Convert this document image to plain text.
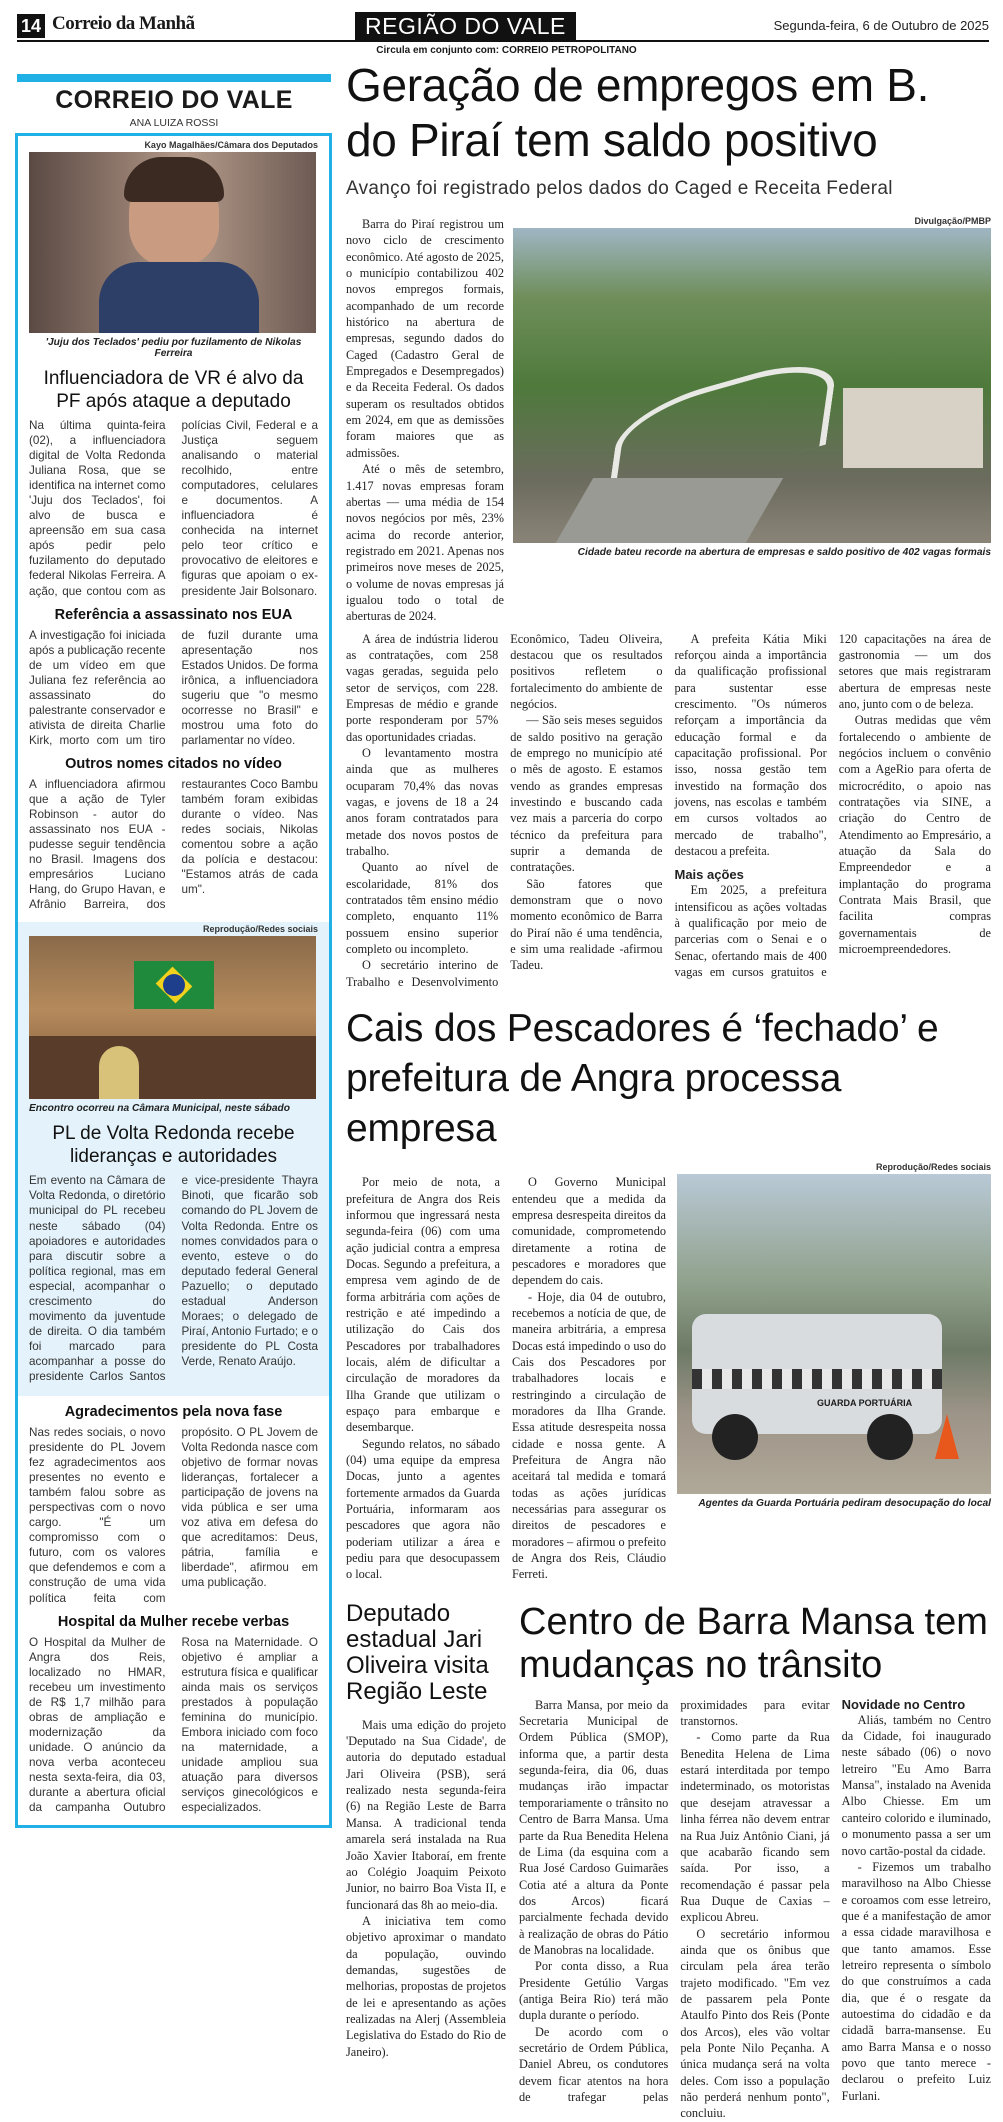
14 Correio da Manhã	REGIÃO DO VALE	Segunda-feira, 6 de Outubro de 2025
Circula em conjunto com: CORREIO PETROPOLITANO
CORREIO DO VALE
ANA LUIZA ROSSI
Kayo Magalhães/Câmara dos Deputados
'Juju dos Teclados' pediu por fuzilamento de Nikolas Ferreira
Influenciadora de VR é alvo da PF após ataque a deputado
Na última quinta-feira (02), a influenciadora digital de Volta Redonda Juliana Rosa, que se identifica na internet como 'Juju dos Teclados', foi alvo de busca e apreensão em sua casa após pedir pelo fuzilamento do deputado federal Nikolas Ferreira. A ação, que contou com as polícias Civil, Federal e a Justiça seguem analisando o material recolhido, entre computadores, celulares e documentos. A influenciadora é conhecida na internet pelo teor crítico e provocativo de eleitores e figuras que apoiam o ex-presidente Jair Bolsonaro.
Referência a assassinato nos EUA
A investigação foi iniciada após a publicação recente de um vídeo em que Juliana fez referência ao assassinato do palestrante conservador e ativista de direita Charlie Kirk, morto com um tiro de fuzil durante uma apresentação nos Estados Unidos. De forma irônica, a influenciadora sugeriu que "o mesmo ocorresse no Brasil" e mostrou uma foto do parlamentar no vídeo.
Outros nomes citados no vídeo
A influenciadora afirmou que a ação de Tyler Robinson - autor do assassinato nos EUA - pudesse seguir tendência no Brasil. Imagens dos empresários Luciano Hang, do Grupo Havan, e Afrânio Barreira, dos restaurantes Coco Bambu também foram exibidas durante o vídeo. Nas redes sociais, Nikolas comentou sobre a ação da polícia e destacou: "Estamos atrás de cada um".
Reprodução/Redes sociais
Encontro ocorreu na Câmara Municipal, neste sábado
PL de Volta Redonda recebe lideranças e autoridades
Em evento na Câmara de Volta Redonda, o diretório municipal do PL recebeu neste sábado (04) apoiadores e autoridades para discutir sobre a política regional, mas em especial, acompanhar o crescimento do movimento da juventude de direita. O dia também foi marcado para acompanhar a posse do presidente Carlos Santos e vice-presidente Thayra Binoti, que ficarão sob comando do PL Jovem de Volta Redonda. Entre os nomes convidados para o evento, esteve o do deputado federal General Pazuello; o deputado estadual Anderson Moraes; o delegado de Piraí, Antonio Furtado; e o presidente do PL Costa Verde, Renato Araújo.
Agradecimentos pela nova fase
Nas redes sociais, o novo presidente do PL Jovem fez agradecimentos aos presentes no evento e também falou sobre as perspectivas com o novo cargo. "É um compromisso com o futuro, com os valores que defendemos e com a construção de uma vida política feita com propósito. O PL Jovem de Volta Redonda nasce com objetivo de formar novas lideranças, fortalecer a participação de jovens na vida pública e ser uma voz ativa em defesa do que acreditamos: Deus, pátria, família e liberdade", afirmou em uma publicação.
Hospital da Mulher recebe verbas
O Hospital da Mulher de Angra dos Reis, localizado no HMAR, recebeu um investimento de R$ 1,7 milhão para obras de ampliação e modernização da unidade. O anúncio da nova verba aconteceu nesta sexta-feira, dia 03, durante a abertura oficial da campanha Outubro Rosa na Maternidade. O objetivo é ampliar a estrutura física e qualificar ainda mais os serviços prestados à população feminina do município. Embora iniciado com foco na maternidade, a unidade ampliou sua atuação para diversos serviços ginecológicos e especializados.
Geração de empregos em B. do Piraí tem saldo positivo
Avanço foi registrado pelos dados do Caged e Receita Federal

Barra do Piraí registrou um novo ciclo de crescimento econômico. Até agosto de 2025, o município contabilizou 402 novos empregos formais, acompanhado de um recorde histórico na abertura de empresas, segundo dados do Caged (Cadastro Geral de Empregados e Desempregados) e da Receita Federal. Os dados superam os resultados obtidos em 2024, em que as demissões foram maiores que as admissões.

Até o mês de setembro, 1.417 novas empresas foram abertas — uma média de 154 novos negócios por mês, 23% acima do recorde anterior, registrado em 2021. Apenas nos primeiros nove meses de 2025, o volume de novas empresas já igualou todo o total de aberturas de 2024.

Divulgação/PMBP
Cidade bateu recorde na abertura de empresas e saldo positivo de 402 vagas formais

A área de indústria liderou as contratações, com 258 vagas geradas, seguida pelo setor de serviços, com 228. Empresas de médio e grande porte responderam por 57% das oportunidades criadas.

O levantamento mostra ainda que as mulheres ocuparam 70,4% das novas vagas, e jovens de 18 a 24 anos foram contratados para metade dos novos postos de trabalho.

Quanto ao nível de escolaridade, 81% dos contratados têm ensino médio completo, enquanto 11% possuem ensino superior completo ou incompleto.

O secretário interino de Trabalho e Desenvolvimento Econômico, Tadeu Oliveira, destacou que os resultados positivos refletem o fortalecimento do ambiente de negócios.

— São seis meses seguidos de saldo positivo na geração de emprego no município até o mês de agosto. E estamos vendo as grandes empresas investindo e buscando cada vez mais a parceria do corpo técnico da prefeitura para suprir a demanda de contratações.

São fatores que demonstram que o novo momento econômico de Barra do Piraí não é uma tendência, e sim uma realidade -afirmou Tadeu.

A prefeita Kátia Miki reforçou ainda a importância da qualificação profissional para sustentar esse crescimento. "Os números reforçam a importância da educação formal e da capacitação profissional. Por isso, nossa gestão tem investido na formação dos jovens, nas escolas e também em cursos voltados ao mercado de trabalho", destacou a prefeita.

Mais ações

Em 2025, a prefeitura intensificou as ações voltadas à qualificação por meio de parcerias com o Senai e o Senac, ofertando mais de 400 vagas em cursos gratuitos e 120 capacitações na área de gastronomia — um dos setores que mais registraram abertura de empresas neste ano, junto com o de beleza.

Outras medidas que vêm fortalecendo o ambiente de negócios incluem o convênio com a AgeRio para oferta de microcrédito, o apoio nas contratações via SINE, a criação do Centro de Atendimento ao Empresário, a atuação da Sala do Empreendedor e a implantação do programa Contrata Mais Brasil, que facilita compras governamentais de microempreendedores.

Cais dos Pescadores é ‘fechado’ e prefeitura de Angra processa empresa

Por meio de nota, a prefeitura de Angra dos Reis informou que ingressará nesta segunda-feira (06) com uma ação judicial contra a empresa Docas. Segundo a prefeitura, a empresa vem agindo de de forma arbitrária com ações de restrição e até impedindo a utilização do Cais dos Pescadores por trabalhadores locais, além de dificultar a circulação de moradores da Ilha Grande que utilizam o espaço para embarque e desembarque.

Segundo relatos, no sábado (04) uma equipe da empresa Docas, junto a agentes fortemente armados da Guarda Portuária, informaram aos pescadores que agora não poderiam utilizar a área e pediu para que desocupassem o local.

O Governo Municipal entendeu que a medida da empresa desrespeita direitos da comunidade, comprometendo diretamente a rotina de pescadores e moradores que dependem do cais.

- Hoje, dia 04 de outubro, recebemos a notícia de que, de maneira arbitrária, a empresa Docas está impedindo o uso do Cais dos Pescadores por trabalhadores locais e restringindo a circulação de moradores da Ilha Grande. Essa atitude desrespeita nossa cidade e nossa gente. A Prefeitura de Angra não aceitará tal medida e tomará todas as ações jurídicas necessárias para assegurar os direitos de pescadores e moradores – afirmou o prefeito de Angra dos Reis, Cláudio Ferreti.

Reprodução/Redes sociais
GUARDA PORTUÁRIA
Agentes da Guarda Portuária pediram desocupação do local
Deputado estadual Jari Oliveira visita Região Leste

Mais uma edição do projeto 'Deputado na Sua Cidade', de autoria do deputado estadual Jari Oliveira (PSB), será realizado nesta segunda-feira (6) na Região Leste de Barra Mansa. A tradicional tenda amarela será instalada na Rua João Xavier Itaboraí, em frente ao Colégio Joaquim Peixoto Junior, no bairro Boa Vista II, e funcionará das 8h ao meio-dia.

A iniciativa tem como objetivo aproximar o mandato da população, ouvindo demandas, sugestões de melhorias, propostas de projetos de lei e apresentando as ações realizadas na Alerj (Assembleia Legislativa do Estado do Rio de Janeiro).

Centro de Barra Mansa tem mudanças no trânsito

Barra Mansa, por meio da Secretaria Municipal de Ordem Pública (SMOP), informa que, a partir desta segunda-feira, dia 06, duas mudanças irão impactar temporariamente o trânsito no Centro de Barra Mansa. Uma parte da Rua Benedita Helena de Lima (da esquina com a Rua José Cardoso Guimarães Cotia até a altura da Ponte dos Arcos) ficará parcialmente fechada devido à realização de obras do Pátio de Manobras na localidade.

Por conta disso, a Rua Presidente Getúlio Vargas (antiga Beira Rio) terá mão dupla durante o período.

De acordo com o secretário de Ordem Pública, Daniel Abreu, os condutores devem ficar atentos na hora de trafegar pelas proximidades para evitar transtornos.

- Como parte da Rua Benedita Helena de Lima estará interditada por tempo indeterminado, os motoristas que desejam atravessar a linha férrea não devem entrar na Rua Juiz Antônio Ciani, já que acabarão ficando sem saída. Por isso, a recomendação é passar pela Rua Duque de Caxias – explicou Abreu.

O secretário informou ainda que os ônibus que circulam pela área terão trajeto modificado. "Em vez de passarem pela Ponte Ataulfo Pinto dos Reis (Ponte dos Arcos), eles vão voltar pela Ponte Nilo Peçanha. A única mudança será na volta deles. Com isso a população não perderá nenhum ponto", concluiu.

Novidade no Centro

Aliás, também no Centro da Cidade, foi inaugurado neste sábado (06) o novo letreiro "Eu Amo Barra Mansa", instalado na Avenida Albo Chiesse. Em um canteiro colorido e iluminado, o monumento passa a ser um novo cartão-postal da cidade.

- Fizemos um trabalho maravilhoso na Albo Chiesse e coroamos com esse letreiro, que é a manifestação de amor a essa cidade maravilhosa e que tanto amamos. Esse letreiro representa o símbolo do que construímos a cada dia, que é o resgate da autoestima do cidadão e da cidadã barra-mansense. Eu amo Barra Mansa e o nosso povo que tanto merece - declarou o prefeito Luiz Furlani.
